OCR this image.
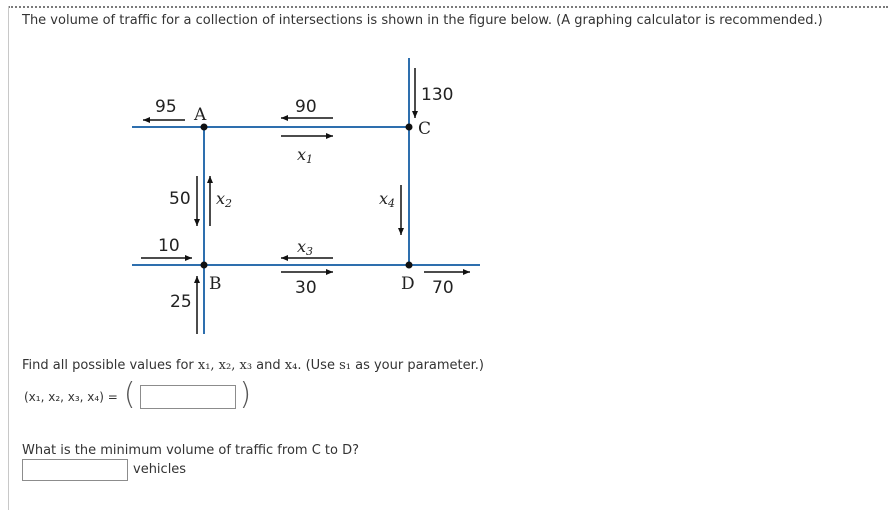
The volume of traffic for a collection of intersections is shown in the figure below. (A graphing calculator is recommended.)
95	90
130
50
10
30
25
70
A
B
C
D
x1
x2
x3
x4
Find all possible values for x₁, x₂, x₃ and x₄. (Use s₁ as your parameter.)
(x₁, x₂, x₃, x₄) = (	)
What is the minimum volume of traffic from C to D?
vehicles
